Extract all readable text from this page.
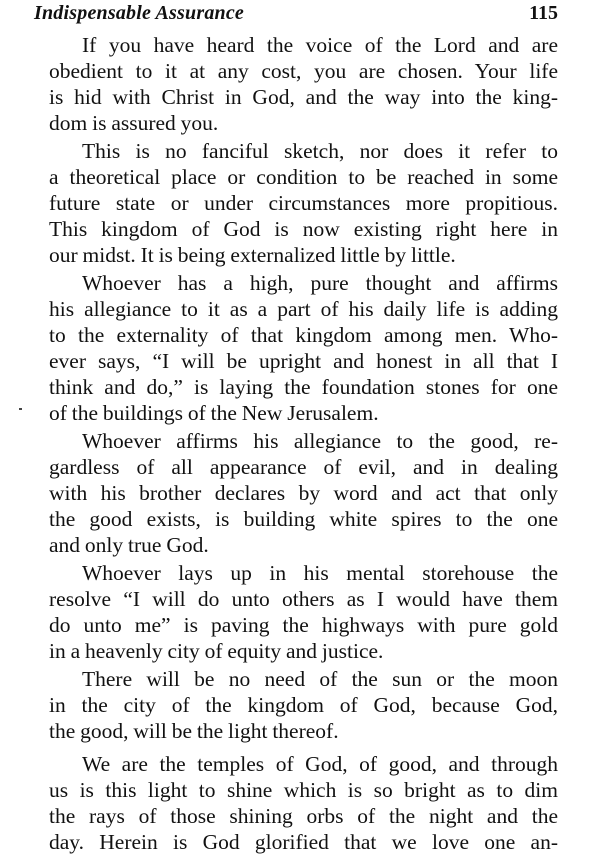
Indispensable Assurance	115
If you have heard the voice of the Lord and are
obedient to it at any cost, you are chosen. Your life
is hid with Christ in God, and the way into the king-
dom is assured you.
This is no fanciful sketch, nor does it refer to
a theoretical place or condition to be reached in some
future state or under circumstances more propitious.
This kingdom of God is now existing right here in
our midst. It is being externalized little by little.
Whoever has a high, pure thought and affirms
his allegiance to it as a part of his daily life is adding
to the externality of that kingdom among men. Who-
ever says, “I will be upright and honest in all that I
think and do,” is laying the foundation stones for one
of the buildings of the New Jerusalem.
Whoever affirms his allegiance to the good, re-
gardless of all appearance of evil, and in dealing
with his brother declares by word and act that only
the good exists, is building white spires to the one
and only true God.
Whoever lays up in his mental storehouse the
resolve “I will do unto others as I would have them
do unto me” is paving the highways with pure gold
in a heavenly city of equity and justice.
There will be no need of the sun or the moon
in the city of the kingdom of God, because God,
the good, will be the light thereof.
We are the temples of God, of good, and through
us is this light to shine which is so bright as to dim
the rays of those shining orbs of the night and the
day. Herein is God glorified that we love one an-
